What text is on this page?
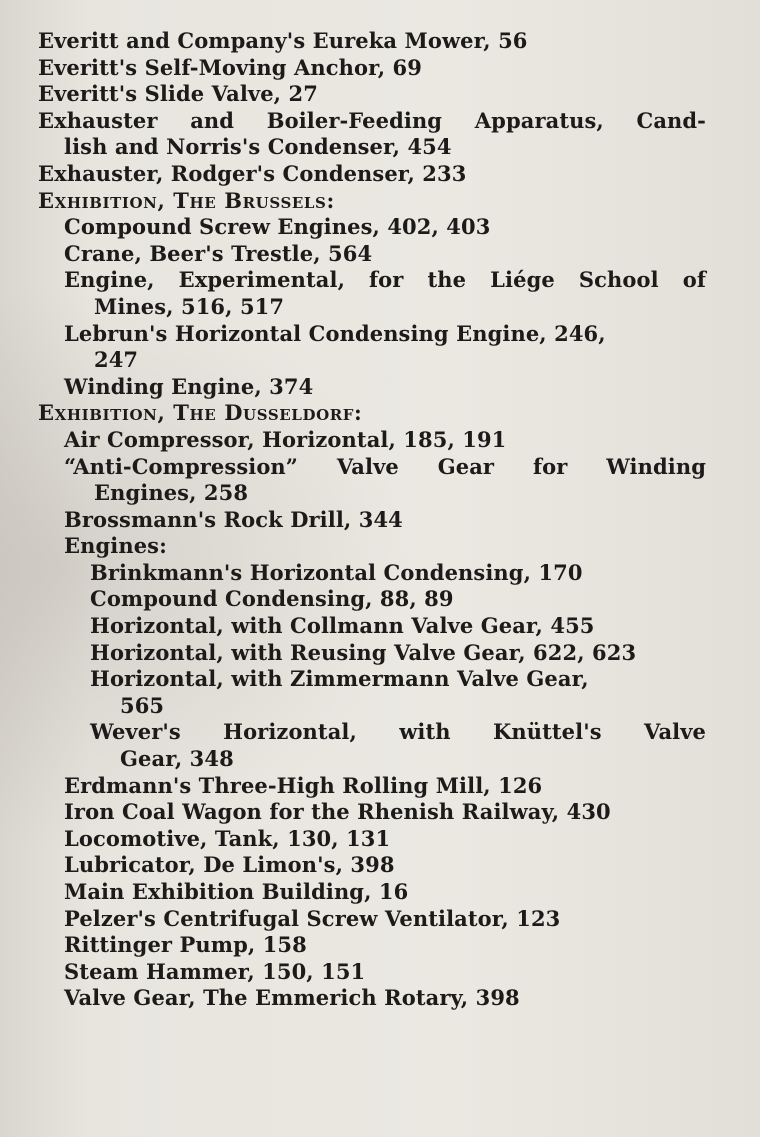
Everitt and Company's Eureka Mower, 56
Everitt's Self-Moving Anchor, 69
Everitt's Slide Valve, 27
Exhauster and Boiler-Feeding Apparatus, Cand-
lish and Norris's Condenser, 454
Exhauster, Rodger's Condenser, 233
Exhibition, The Brussels:
Compound Screw Engines, 402, 403
Crane, Beer's Trestle, 564
Engine, Experimental, for the Liége School of
Mines, 516, 517
Lebrun's Horizontal Condensing Engine, 246,
247
Winding Engine, 374
Exhibition, The Dusseldorf:
Air Compressor, Horizontal, 185, 191
“Anti-Compression” Valve Gear for Winding
Engines, 258
Brossmann's Rock Drill, 344
Engines:
Brinkmann's Horizontal Condensing, 170
Compound Condensing, 88, 89
Horizontal, with Collmann Valve Gear, 455
Horizontal, with Reusing Valve Gear, 622, 623
Horizontal, with Zimmermann Valve Gear,
565
Wever's Horizontal, with Knüttel's Valve
Gear, 348
Erdmann's Three-High Rolling Mill, 126
Iron Coal Wagon for the Rhenish Railway, 430
Locomotive, Tank, 130, 131
Lubricator, De Limon's, 398
Main Exhibition Building, 16
Pelzer's Centrifugal Screw Ventilator, 123
Rittinger Pump, 158
Steam Hammer, 150, 151
Valve Gear, The Emmerich Rotary, 398
